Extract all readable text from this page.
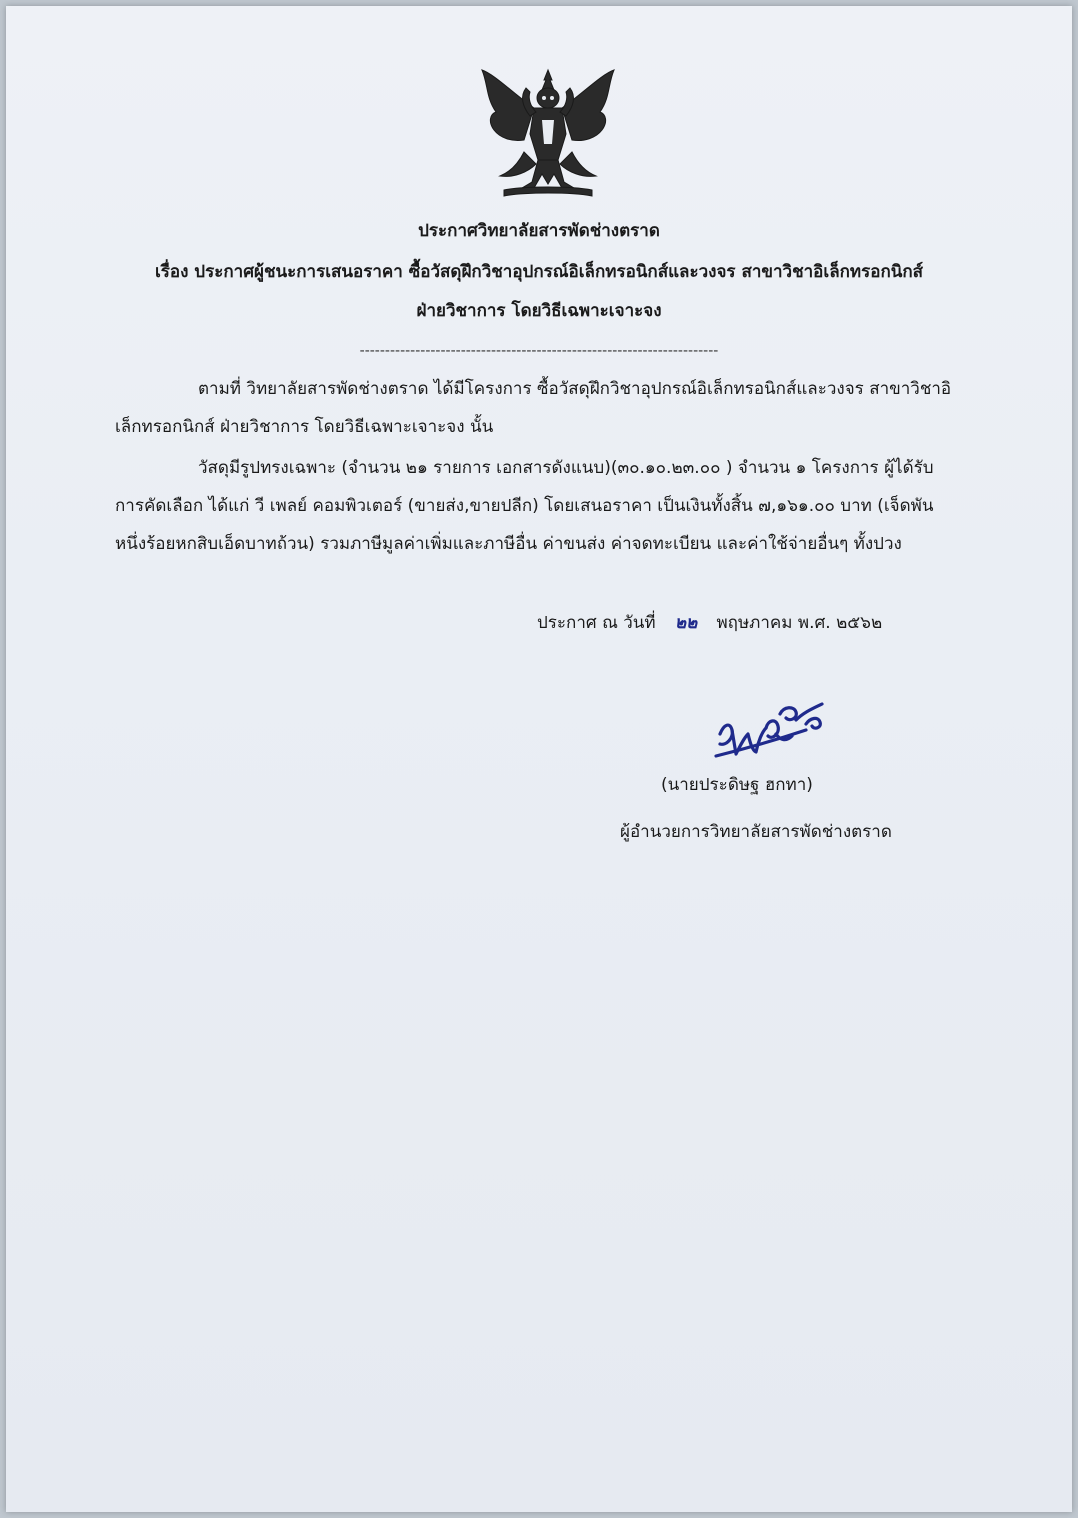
ประกาศวิทยาลัยสารพัดช่างตราด
เรื่อง ประกาศผู้ชนะการเสนอราคา ซื้อวัสดุฝึกวิชาอุปกรณ์อิเล็กทรอนิกส์และวงจร สาขาวิชาอิเล็กทรอกนิกส์
ฝ่ายวิชาการ โดยวิธีเฉพาะเจาะจง
-----------------------------------------------------------------------
ตามที่ วิทยาลัยสารพัดช่างตราด ได้มีโครงการ ซื้อวัสดุฝึกวิชาอุปกรณ์อิเล็กทรอนิกส์และวงจร สาขาวิชาอิ
เล็กทรอกนิกส์ ฝ่ายวิชาการ โดยวิธีเฉพาะเจาะจง นั้น
วัสดุมีรูปทรงเฉพาะ (จำนวน ๒๑ รายการ เอกสารดังแนบ)(๓๐.๑๐.๒๓.๐๐ ) จำนวน ๑ โครงการ ผู้ได้รับ
การคัดเลือก ได้แก่ วี เพลย์ คอมพิวเตอร์ (ขายส่ง,ขายปลีก) โดยเสนอราคา เป็นเงินทั้งสิ้น ๗,๑๖๑.๐๐ บาท (เจ็ดพัน
หนึ่งร้อยหกสิบเอ็ดบาทถ้วน) รวมภาษีมูลค่าเพิ่มและภาษีอื่น ค่าขนส่ง ค่าจดทะเบียน และค่าใช้จ่ายอื่นๆ ทั้งปวง
ประกาศ ณ วันที่ ๒๒ พฤษภาคม พ.ศ. ๒๕๖๒
(นายประดิษฐ ฮกทา)
ผู้อำนวยการวิทยาลัยสารพัดช่างตราด
